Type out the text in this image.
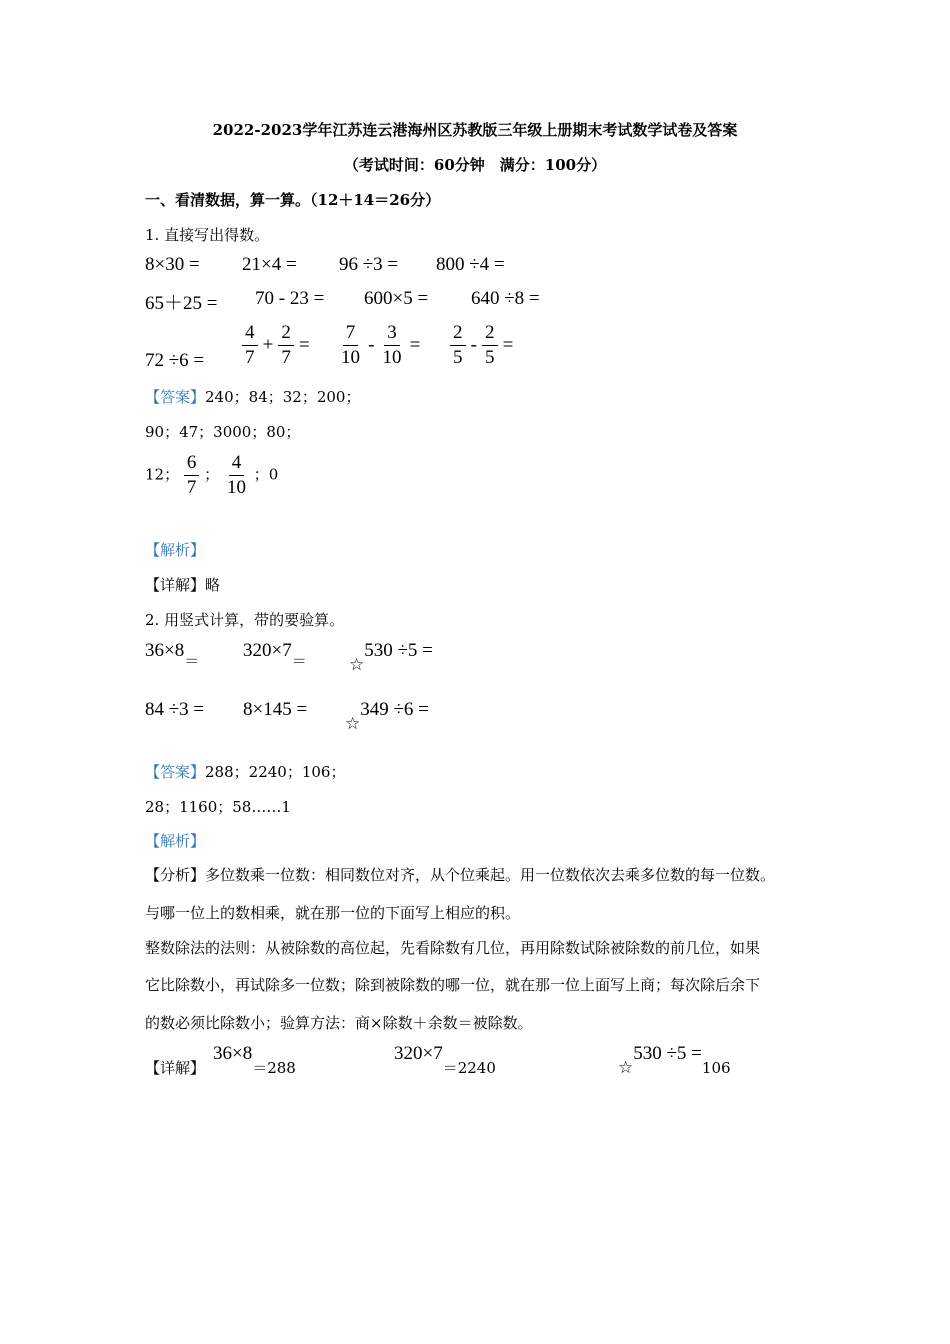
2022-2023学年江苏连云港海州区苏教版三年级上册期末考试数学试卷及答案
（考试时间：60分钟　满分：100分）
一、看清数据，算一算。（12＋14＝26分）
1. 直接写出得数。
8×30 = 21×4 = 96 ÷3 = 800 ÷4 =
65＋25 = 70 - 23 = 600×5 = 640 ÷8 =
$72 \div 6 = \frac{4}{7} + \frac{2}{7} = \frac{7}{10} - \frac{3}{10} = \frac{2}{5} - \frac{2}{5}$ =
【答案】240；84；32；200；
90；47；3000；80；
12； $\frac{6}{7}$ ； $\frac{4}{10}$ ；0
【解析】
【详解】略
2. 用竖式计算，带的要验算。
36×8＝ 320×7＝ ☆530 ÷5 =
84 ÷3 = 8×145 =
☆349 ÷6 =
【答案】288；2240；106；
28；1160；58……1
【解析】
【分析】多位数乘一位数：相同数位对齐，从个位乘起。用一位数依次去乘多位数的每一位数。
与哪一位上的数相乘，就在那一位的下面写上相应的积。
整数除法的法则：从被除数的高位起，先看除数有几位，再用除数试除被除数的前几位，如果
它比除数小，再试除多一位数；除到被除数的哪一位，就在那一位上面写上商；每次除后余下
的数必须比除数小；验算方法：商×除数＋余数＝被除数。
【详解】
36×8＝288
320×7＝2240	☆530 ÷5 =106
